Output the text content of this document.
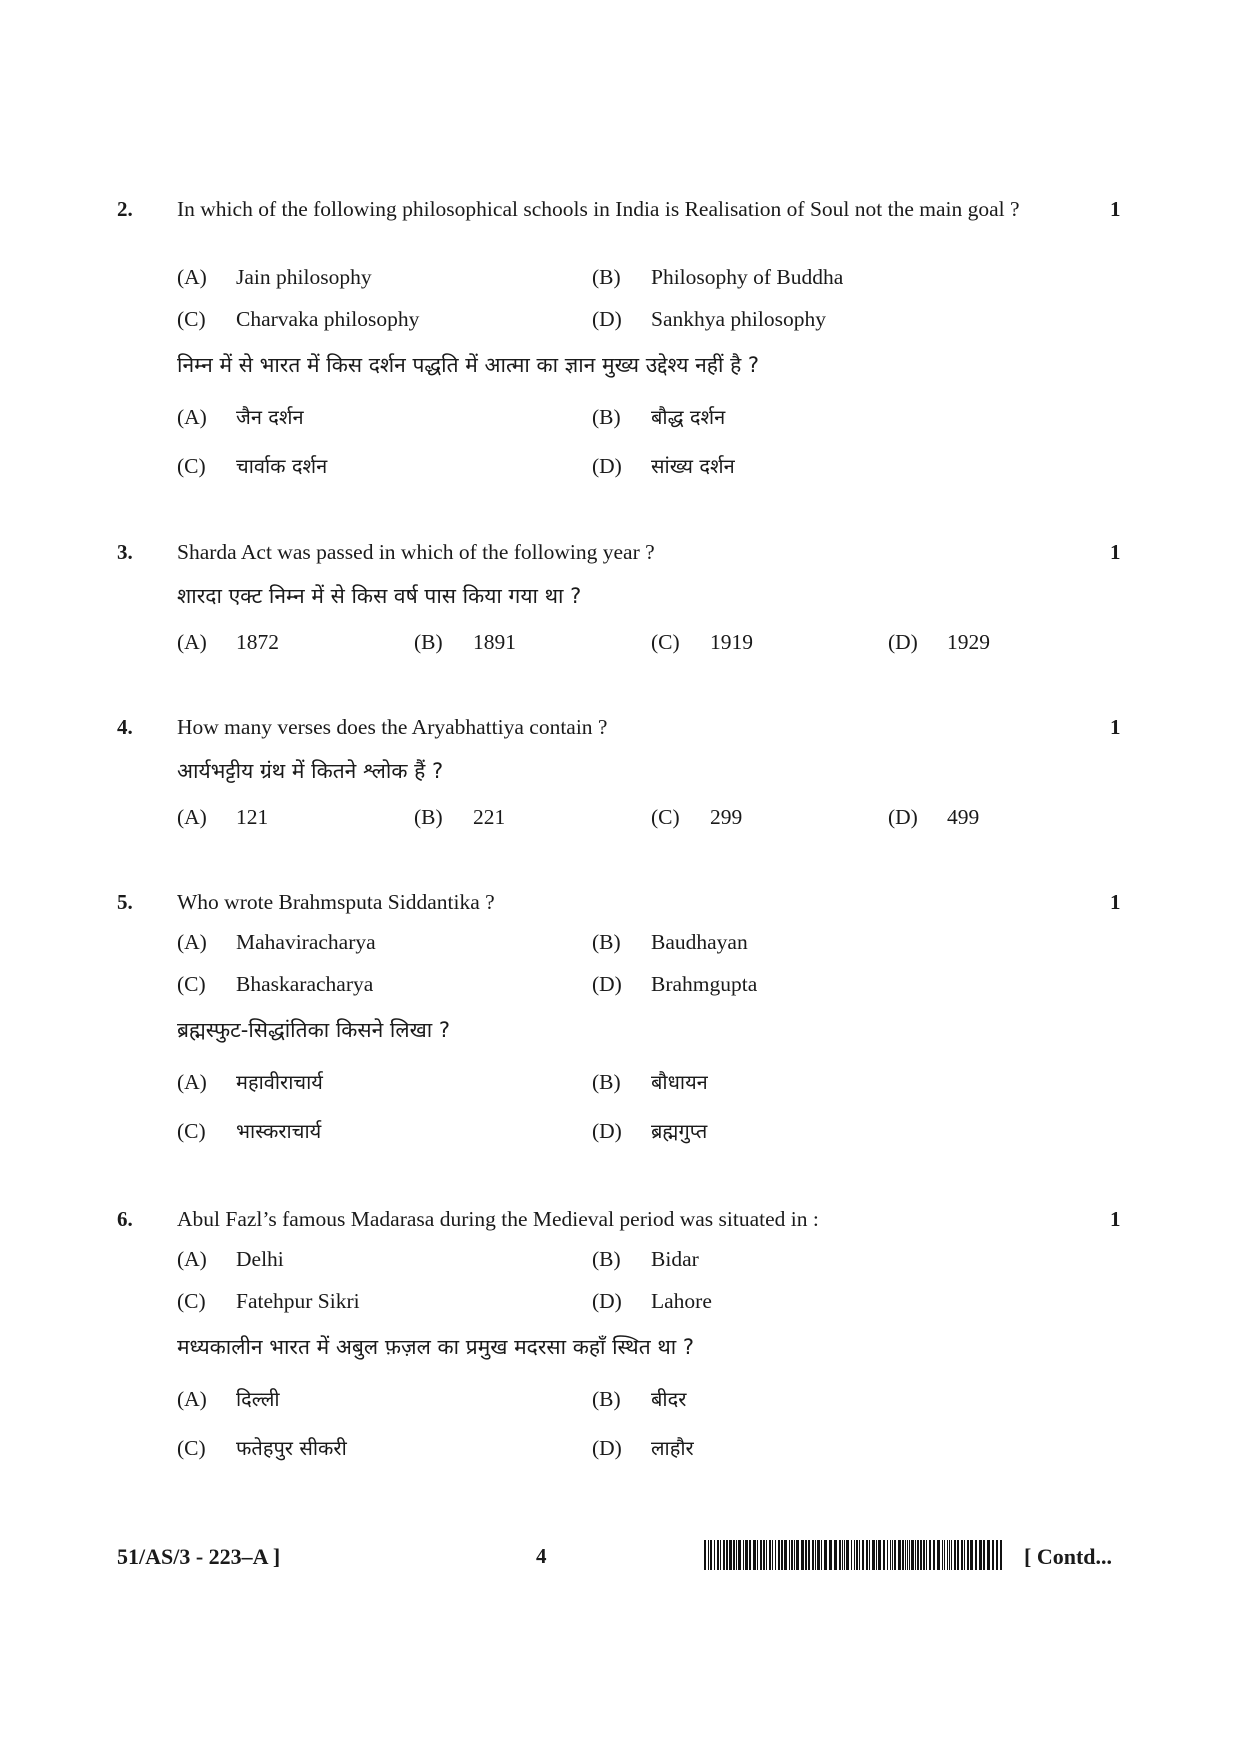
2. In which of the following philosophical schools in India is Realisation of Soul not the main goal ?	1
(A) Jain philosophy	(B) Philosophy of Buddha
(C) Charvaka philosophy	(D) Sankhya philosophy
निम्न में से भारत में किस दर्शन पद्धति में आत्मा का ज्ञान मुख्य उद्देश्य नहीं है ?
(A) जैन दर्शन	(B) बौद्ध दर्शन
(C) चार्वाक दर्शन	(D) सांख्य दर्शन
3. Sharda Act was passed in which of the following year ?	1
शारदा एक्ट निम्न में से किस वर्ष पास किया गया था ?
(A) 1872	(B) 1891	(C) 1919	(D) 1929
4. How many verses does the Aryabhattiya contain ?	1
आर्यभट्टीय ग्रंथ में कितने श्लोक हैं ?
(A) 121	(B) 221	(C) 299	(D) 499
5. Who wrote Brahmsputa Siddantika ?	1
(A) Mahaviracharya	(B) Baudhayan
(C) Bhaskaracharya	(D) Brahmgupta
ब्रह्मस्फुट-सिद्धांतिका किसने लिखा ?
(A) महावीराचार्य	(B) बौधायन
(C) भास्कराचार्य	(D) ब्रह्मगुप्त
6. Abul Fazl’s famous Madarasa during the Medieval period was situated in :	1
(A) Delhi	(B) Bidar
(C) Fatehpur Sikri	(D) Lahore
मध्यकालीन भारत में अबुल फ़ज़ल का प्रमुख मदरसा कहाँ स्थित था ?
(A) दिल्ली	(B) बीदर
(C) फतेहपुर सीकरी	(D) लाहौर
51/AS/3 - 223–A ]	4	[ Contd...
